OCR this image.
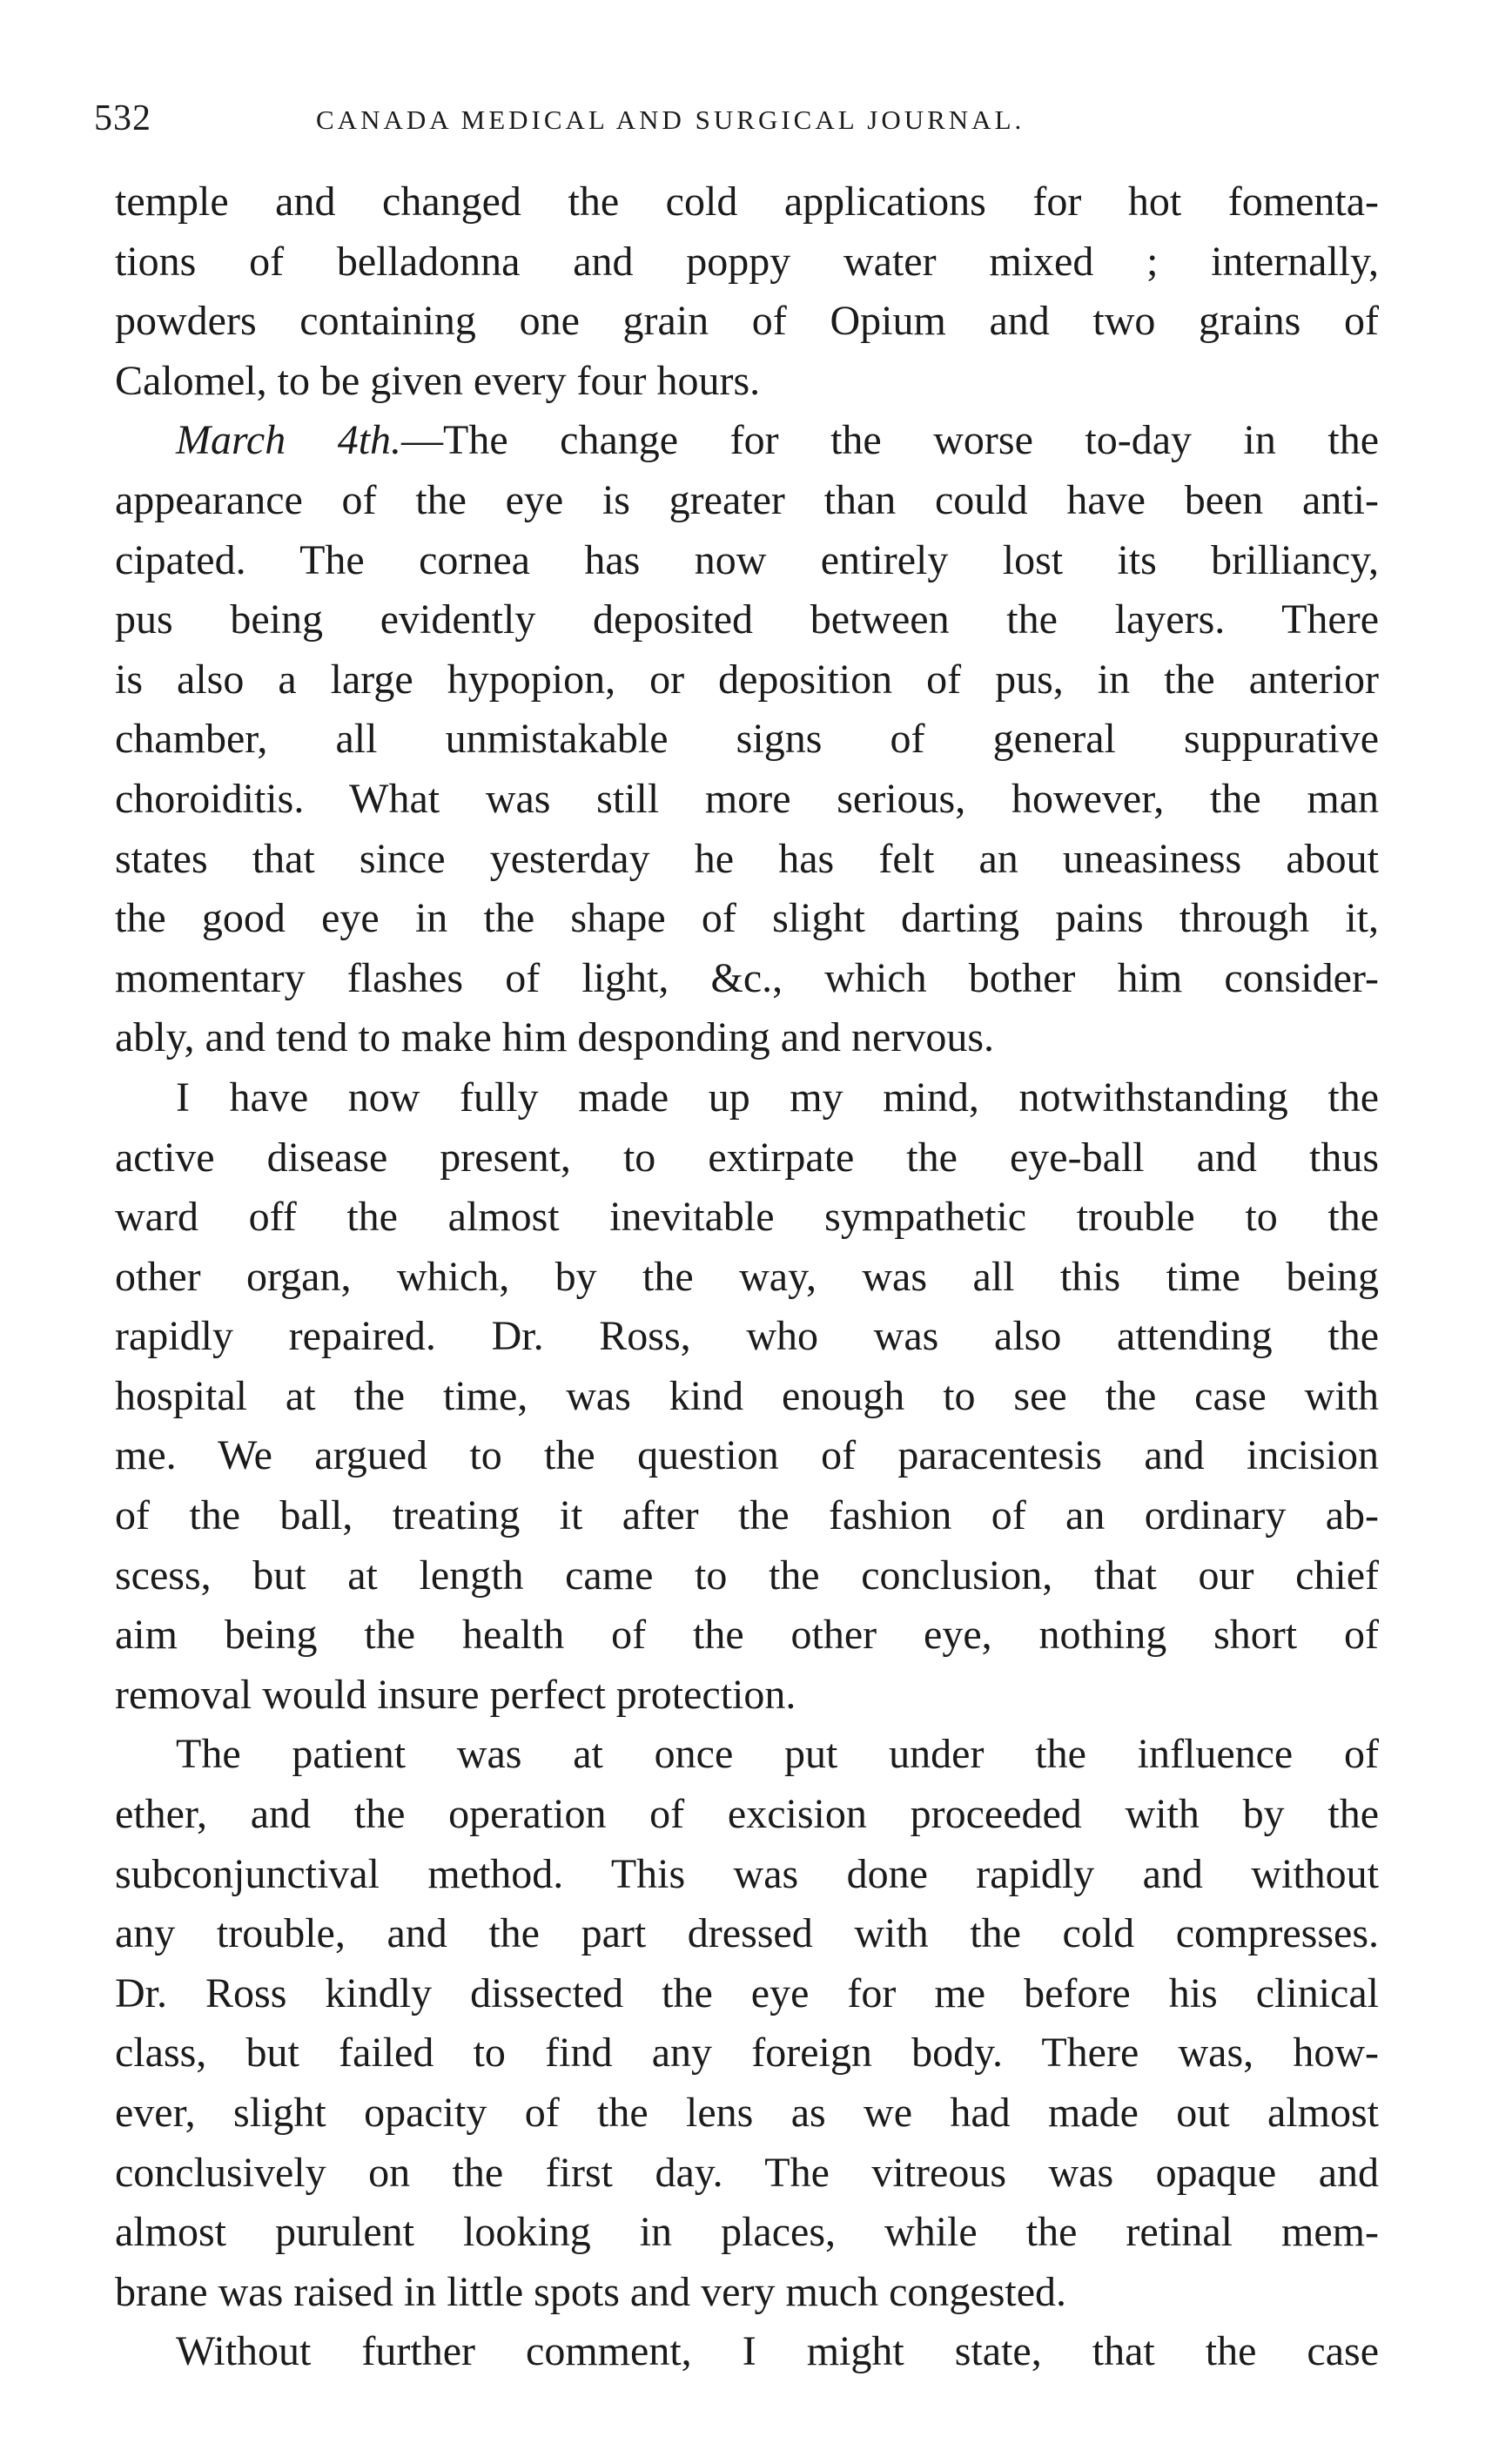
532	CANADA MEDICAL AND SURGICAL JOURNAL.
temple and changed the cold applications for hot fomenta-
tions of belladonna and poppy water mixed ; internally,
powders containing one grain of Opium and two grains of
Calomel, to be given every four hours.
March 4th.—The change for the worse to-day in the
appearance of the eye is greater than could have been anti-
cipated. The cornea has now entirely lost its brilliancy,
pus being evidently deposited between the layers. There
is also a large hypopion, or deposition of pus, in the anterior
chamber, all unmistakable signs of general suppurative
choroiditis. What was still more serious, however, the man
states that since yesterday he has felt an uneasiness about
the good eye in the shape of slight darting pains through it,
momentary flashes of light, &c., which bother him consider-
ably, and tend to make him desponding and nervous.
I have now fully made up my mind, notwithstanding the
active disease present, to extirpate the eye-ball and thus
ward off the almost inevitable sympathetic trouble to the
other organ, which, by the way, was all this time being
rapidly repaired. Dr. Ross, who was also attending the
hospital at the time, was kind enough to see the case with
me. We argued to the question of paracentesis and incision
of the ball, treating it after the fashion of an ordinary ab-
scess, but at length came to the conclusion, that our chief
aim being the health of the other eye, nothing short of
removal would insure perfect protection.
The patient was at once put under the influence of
ether, and the operation of excision proceeded with by the
subconjunctival method. This was done rapidly and without
any trouble, and the part dressed with the cold compresses.
Dr. Ross kindly dissected the eye for me before his clinical
class, but failed to find any foreign body. There was, how-
ever, slight opacity of the lens as we had made out almost
conclusively on the first day. The vitreous was opaque and
almost purulent looking in places, while the retinal mem-
brane was raised in little spots and very much congested.
Without further comment, I might state, that the case
